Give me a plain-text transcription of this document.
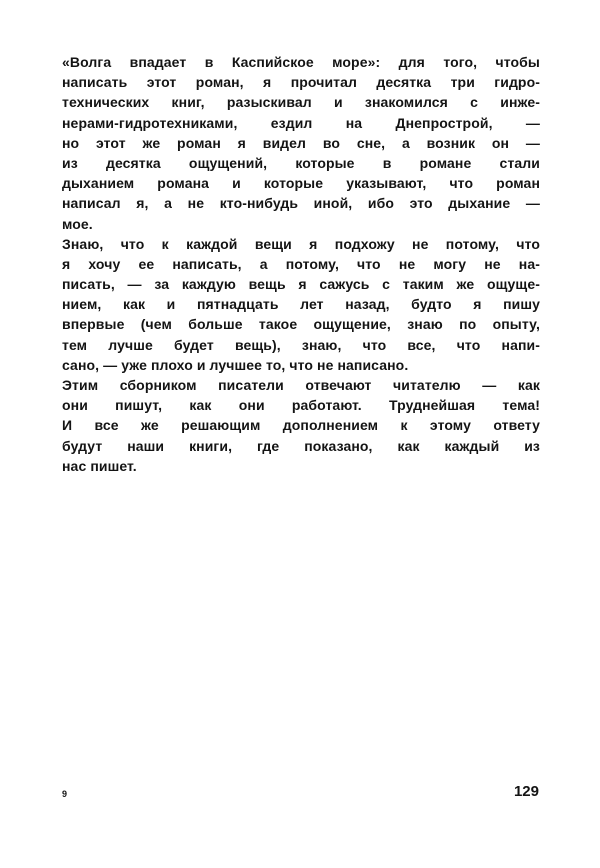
«Волга впадает в Каспийское море»: для того, чтобы
написать этот роман, я прочитал десятка три гидро-
технических книг, разыскивал и знакомился с инже-
нерами-гидротехниками, ездил на Днепрострой, —
но этот же роман я видел во сне, а возник он —
из десятка ощущений, которые в романе стали
дыханием романа и которые указывают, что роман
написал я, а не кто-нибудь иной, ибо это дыхание —
мое.
Знаю, что к каждой вещи я подхожу не потому, что
я хочу ее написать, а потому, что не могу не на-
писать, — за каждую вещь я сажусь с таким же ощуще-
нием, как и пятнадцать лет назад, будто я пишу
впервые (чем больше такое ощущение, знаю по опыту,
тем лучше будет вещь), знаю, что все, что напи-
сано, — уже плохо и лучшее то, что не написано.
Этим сборником писатели отвечают читателю — как
они пишут, как они работают. Труднейшая тема!
И все же решающим дополнением к этому ответу
будут наши книги, где показано, как каждый из
нас пишет.
9	129
